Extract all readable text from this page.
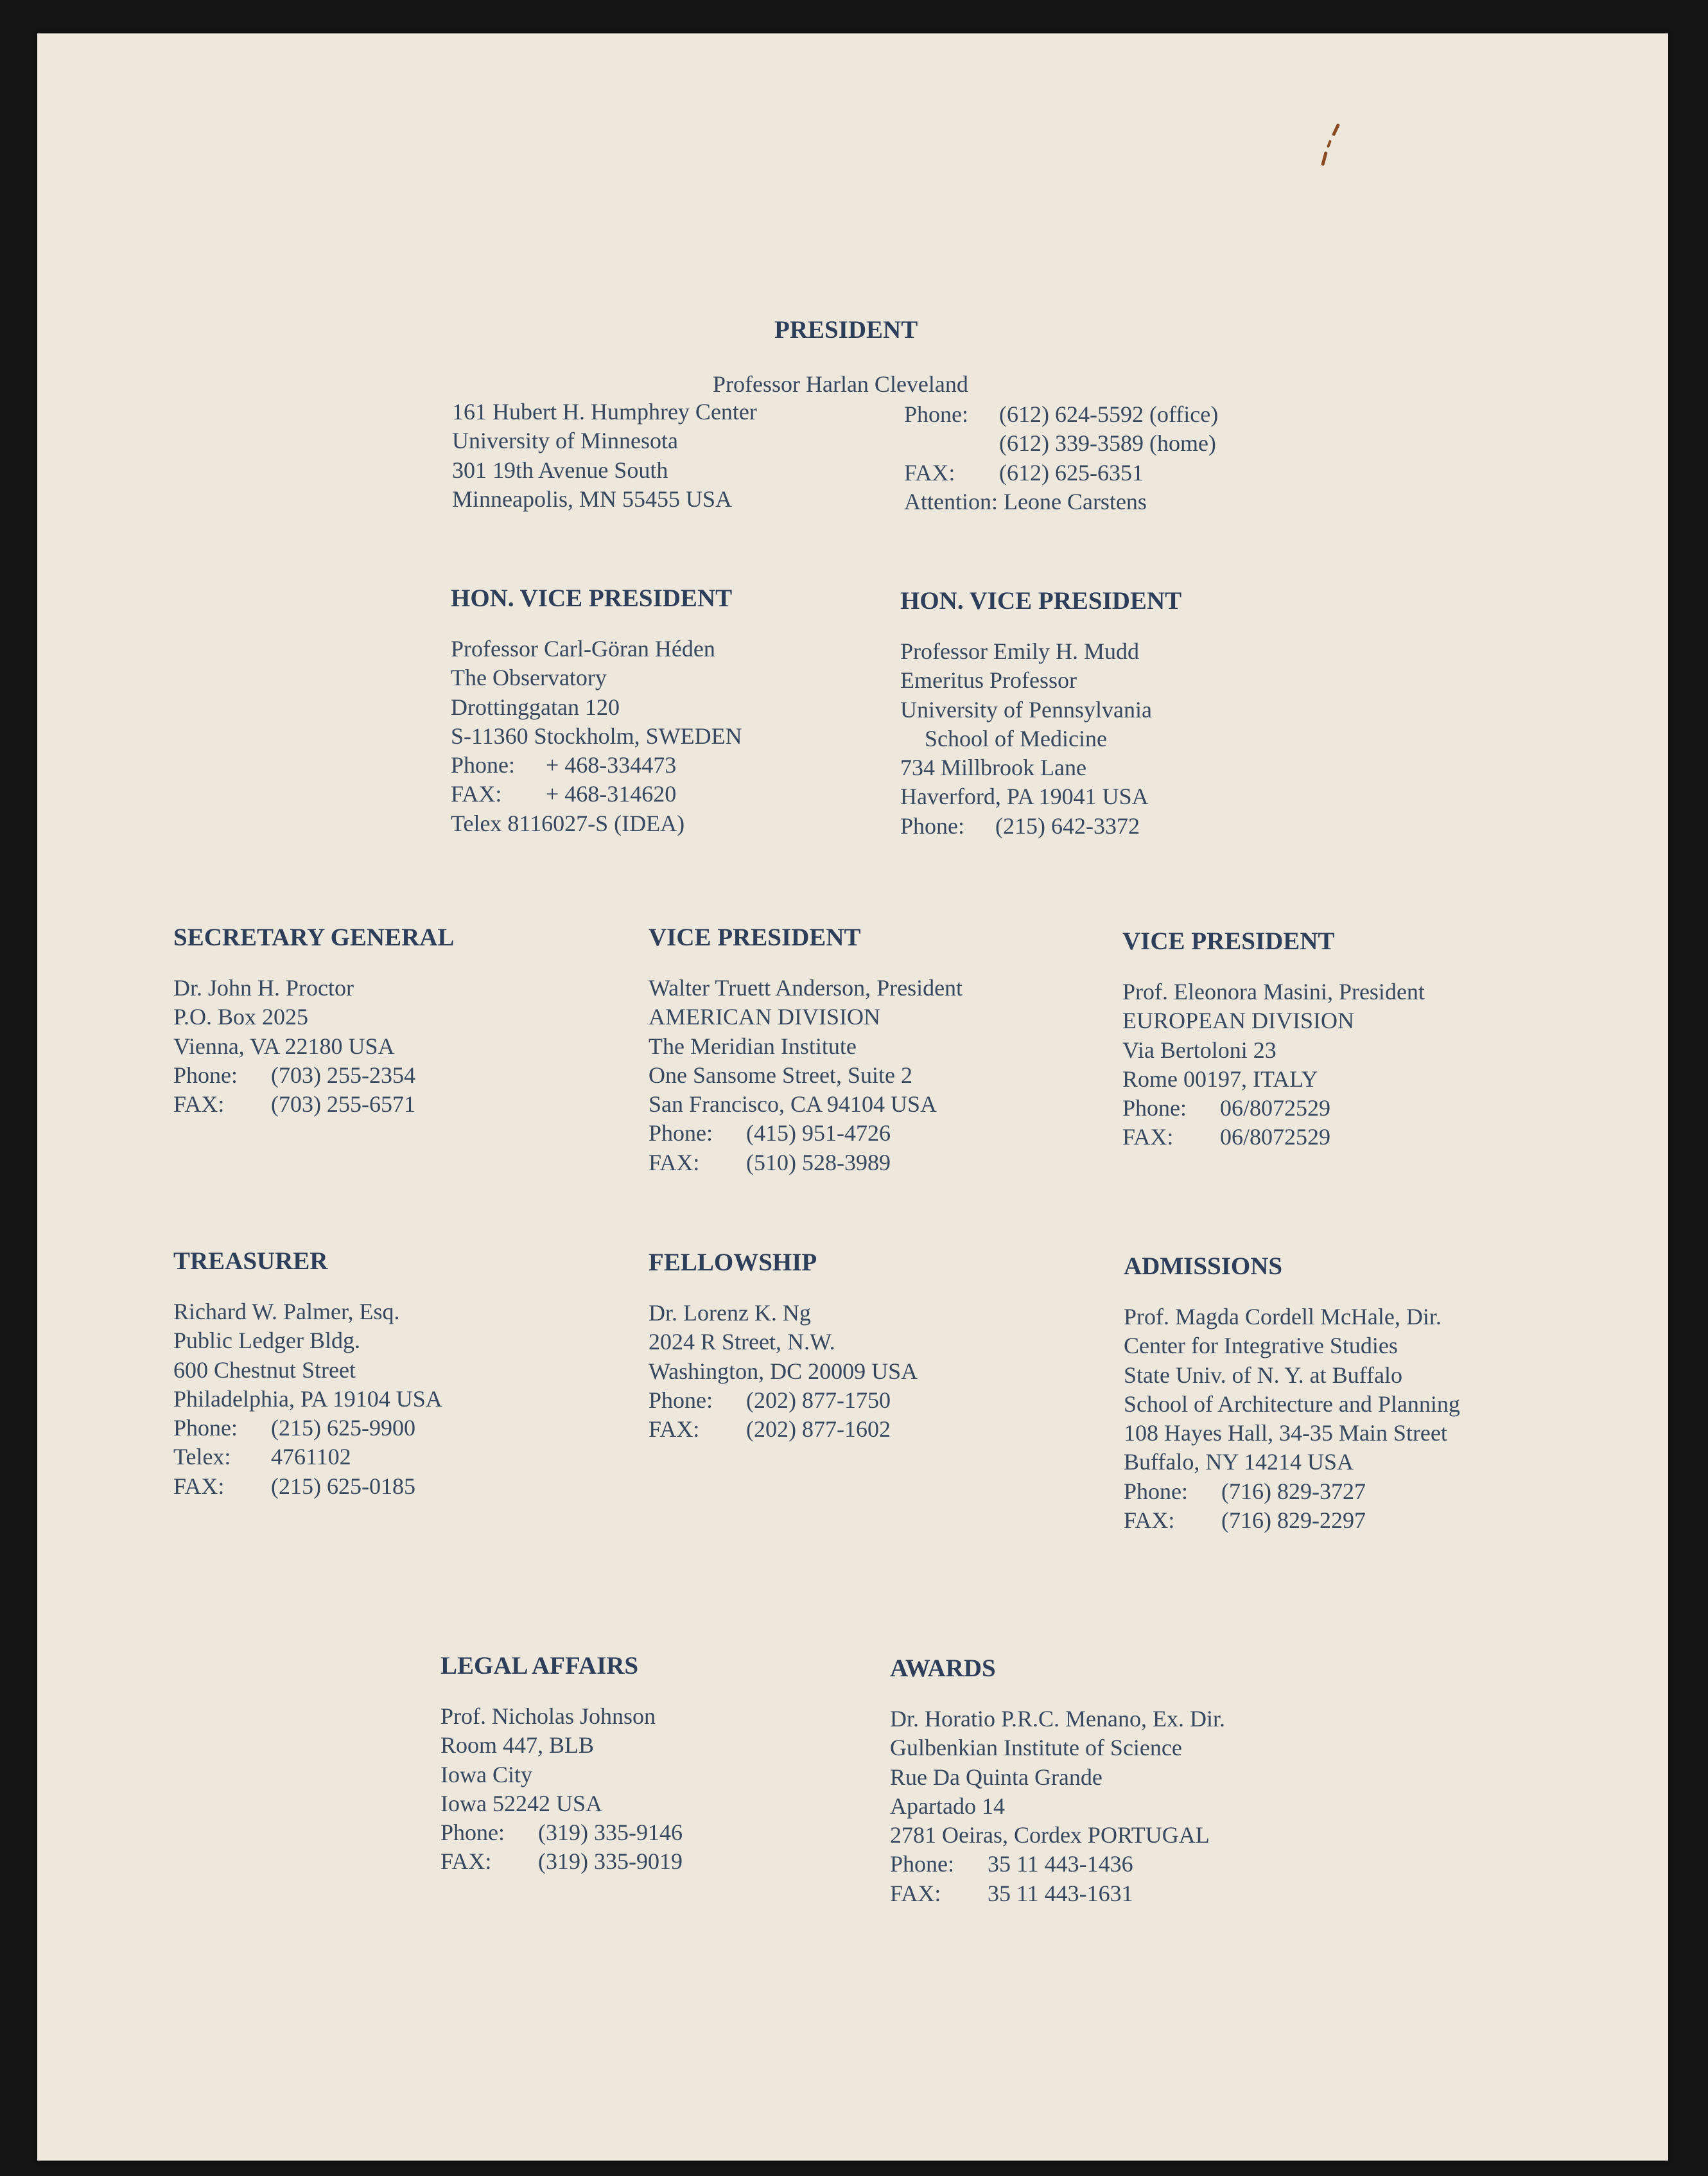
PRESIDENT
Professor Harlan Cleveland
161 Hubert H. Humphrey Center
University of Minnesota
301 19th Avenue South
Minneapolis, MN 55455 USA
Phone: (612) 624-5592 (office)
(612) 339-3589 (home)
FAX: (612) 625-6351
Attention: Leone Carstens
HON. VICE PRESIDENT
Professor Carl-Göran Héden
The Observatory
Drottinggatan 120
S-11360 Stockholm, SWEDEN
Phone: + 468-334473
FAX: + 468-314620
Telex 8116027-S (IDEA)
HON. VICE PRESIDENT
Professor Emily H. Mudd
Emeritus Professor
University of Pennsylvania
School of Medicine
734 Millbrook Lane
Haverford, PA 19041 USA
Phone: (215) 642-3372
SECRETARY GENERAL
Dr. John H. Proctor
P.O. Box 2025
Vienna, VA 22180 USA
Phone: (703) 255-2354
FAX: (703) 255-6571
VICE PRESIDENT
Walter Truett Anderson, President
AMERICAN DIVISION
The Meridian Institute
One Sansome Street, Suite 2
San Francisco, CA 94104 USA
Phone: (415) 951-4726
FAX: (510) 528-3989
VICE PRESIDENT
Prof. Eleonora Masini, President
EUROPEAN DIVISION
Via Bertoloni 23
Rome 00197, ITALY
Phone: 06/8072529
FAX: 06/8072529
TREASURER
Richard W. Palmer, Esq.
Public Ledger Bldg.
600 Chestnut Street
Philadelphia, PA 19104 USA
Phone: (215) 625-9900
Telex: 4761102
FAX: (215) 625-0185
FELLOWSHIP
Dr. Lorenz K. Ng
2024 R Street, N.W.
Washington, DC 20009 USA
Phone: (202) 877-1750
FAX: (202) 877-1602
ADMISSIONS
Prof. Magda Cordell McHale, Dir.
Center for Integrative Studies
State Univ. of N. Y. at Buffalo
School of Architecture and Planning
108 Hayes Hall, 34-35 Main Street
Buffalo, NY 14214 USA
Phone: (716) 829-3727
FAX: (716) 829-2297
LEGAL AFFAIRS
Prof. Nicholas Johnson
Room 447, BLB
Iowa City
Iowa 52242 USA
Phone: (319) 335-9146
FAX: (319) 335-9019
AWARDS
Dr. Horatio P.R.C. Menano, Ex. Dir.
Gulbenkian Institute of Science
Rue Da Quinta Grande
Apartado 14
2781 Oeiras, Cordex PORTUGAL
Phone: 35 11 443-1436
FAX: 35 11 443-1631
